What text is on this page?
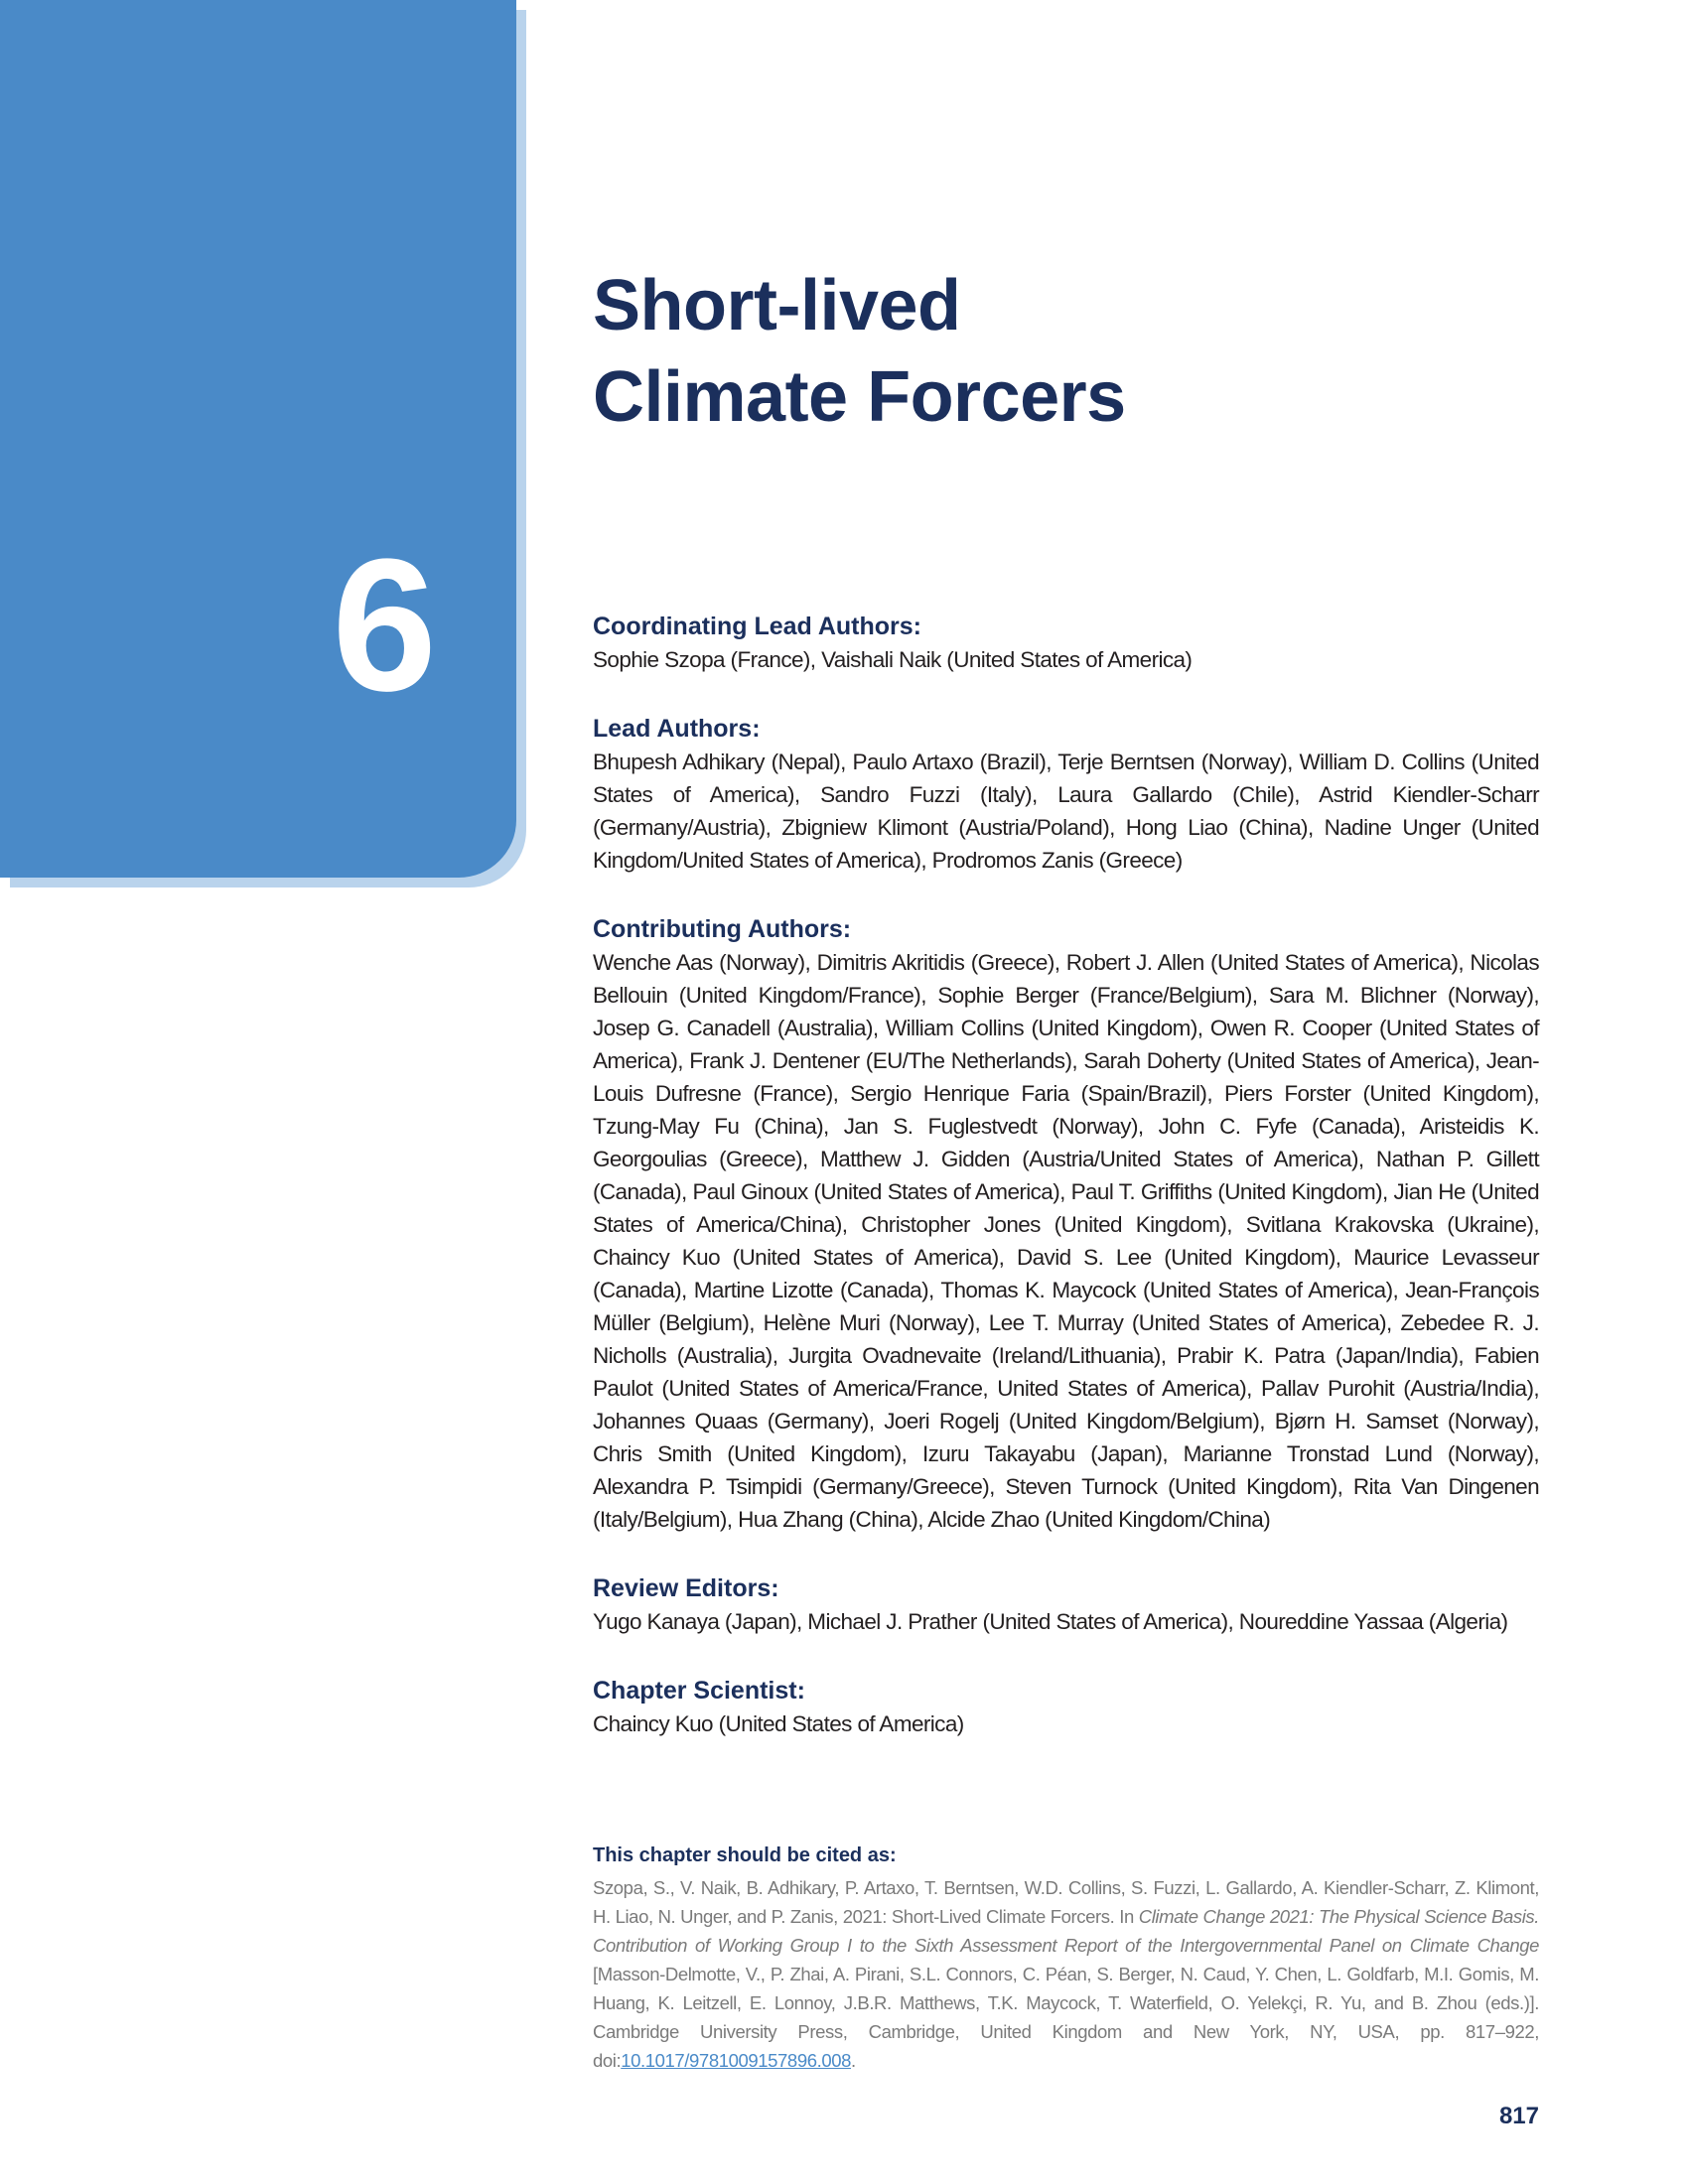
6
Short-lived
Climate Forcers
Coordinating Lead Authors:

Sophie Szopa (France), Vaishali Naik (United States of America)

Lead Authors:

Bhupesh Adhikary (Nepal), Paulo Artaxo (Brazil), Terje Berntsen (Norway), William D. Collins (United States of America), Sandro Fuzzi (Italy), Laura Gallardo (Chile), Astrid Kiendler-Scharr (Germany/Austria), Zbigniew Klimont (Austria/Poland), Hong Liao (China), Nadine Unger (United Kingdom/United States of America), Prodromos Zanis (Greece)

Contributing Authors:

Wenche Aas (Norway), Dimitris Akritidis (Greece), Robert J. Allen (United States of America), Nicolas Bellouin (United Kingdom/France), Sophie Berger (France/Belgium), Sara M. Blichner (Norway), Josep G. Canadell (Australia), William Collins (United Kingdom), Owen R. Cooper (United States of America), Frank J. Dentener (EU/The Netherlands), Sarah Doherty (United States of America), Jean-Louis Dufresne (France), Sergio Henrique Faria (Spain/Brazil), Piers Forster (United Kingdom), Tzung-May Fu (China), Jan S. Fuglestvedt (Norway), John C. Fyfe (Canada), Aristeidis K. Georgoulias (Greece), Matthew J. Gidden (Austria/United States of America), Nathan P. Gillett (Canada), Paul Ginoux (United States of America), Paul T. Griffiths (United Kingdom), Jian He (United States of America/China), Christopher Jones (United Kingdom), Svitlana Krakovska (Ukraine), Chaincy Kuo (United States of America), David S. Lee (United Kingdom), Maurice Levasseur (Canada), Martine Lizotte (Canada), Thomas K. Maycock (United States of America), Jean-François Müller (Belgium), Helène Muri (Norway), Lee T. Murray (United States of America), Zebedee R. J. Nicholls (Australia), Jurgita Ovadnevaite (Ireland/Lithuania), Prabir K. Patra (Japan/India), Fabien Paulot (United States of America/France, United States of America), Pallav Purohit (Austria/India), Johannes Quaas (Germany), Joeri Rogelj (United Kingdom/Belgium), Bjørn H. Samset (Norway), Chris Smith (United Kingdom), Izuru Takayabu (Japan), Marianne Tronstad Lund (Norway), Alexandra P. Tsimpidi (Germany/Greece), Steven Turnock (United Kingdom), Rita Van Dingenen (Italy/Belgium), Hua Zhang (China), Alcide Zhao (United Kingdom/China)

Review Editors:

Yugo Kanaya (Japan), Michael J. Prather (United States of America), Noureddine Yassaa (Algeria)

Chapter Scientist:

Chaincy Kuo (United States of America)

This chapter should be cited as:

Szopa, S., V. Naik, B. Adhikary, P. Artaxo, T. Berntsen, W.D. Collins, S. Fuzzi, L. Gallardo, A. Kiendler-Scharr, Z. Klimont, H. Liao, N. Unger, and P. Zanis, 2021: Short-Lived Climate Forcers. In Climate Change 2021: The Physical Science Basis. Contribution of Working Group I to the Sixth Assessment Report of the Intergovernmental Panel on Climate Change [Masson-Delmotte, V., P. Zhai, A. Pirani, S.L. Connors, C. Péan, S. Berger, N. Caud, Y. Chen, L. Goldfarb, M.I. Gomis, M. Huang, K. Leitzell, E. Lonnoy, J.B.R. Matthews, T.K. Maycock, T. Waterfield, O. Yelekçi, R. Yu, and B. Zhou (eds.)]. Cambridge University Press, Cambridge, United Kingdom and New York, NY, USA, pp. 817–922, doi:10.1017/9781009157896.008.

817
